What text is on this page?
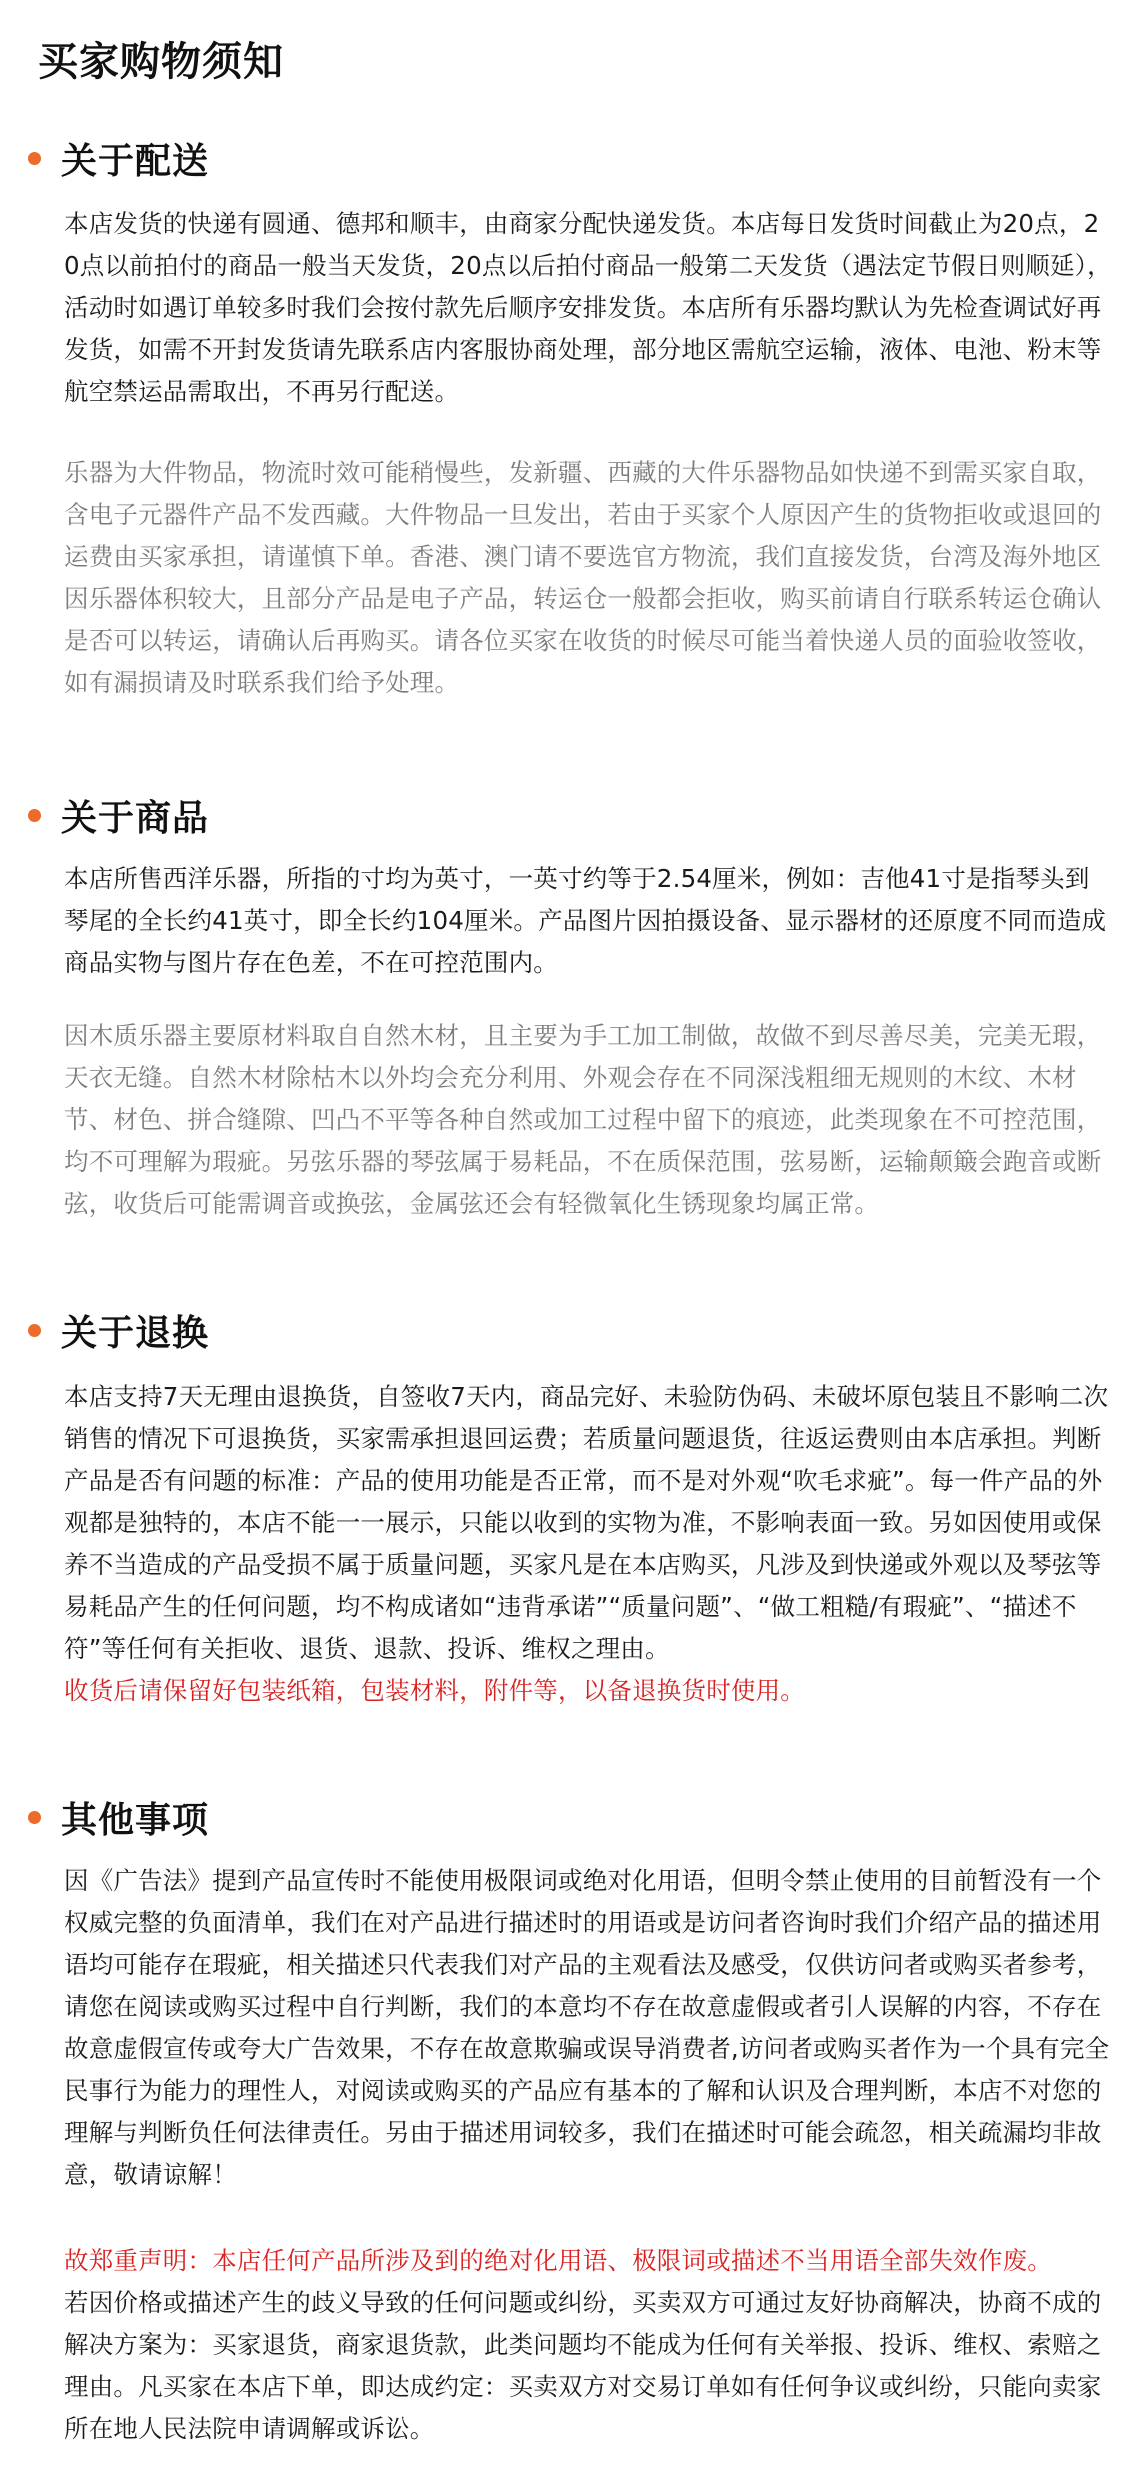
买家购物须知
关于配送

本店发货的快递有圆通、德邦和顺丰，由商家分配快递发货。本店每日发货时间截止为20点，20点以前拍付的商品一般当天发货，20点以后拍付商品一般第二天发货（遇法定节假日则顺延），活动时如遇订单较多时我们会按付款先后顺序安排发货。本店所有乐器均默认为先检查调试好再发货，如需不开封发货请先联系店内客服协商处理，部分地区需航空运输，液体、电池、粉末等航空禁运品需取出，不再另行配送。

乐器为大件物品，物流时效可能稍慢些，发新疆、西藏的大件乐器物品如快递不到需买家自取，含电子元器件产品不发西藏。大件物品一旦发出，若由于买家个人原因产生的货物拒收或退回的运费由买家承担，请谨慎下单。香港、澳门请不要选官方物流，我们直接发货，台湾及海外地区因乐器体积较大，且部分产品是电子产品，转运仓一般都会拒收，购买前请自行联系转运仓确认是否可以转运，请确认后再购买。请各位买家在收货的时候尽可能当着快递人员的面验收签收，如有漏损请及时联系我们给予处理。

关于商品

本店所售西洋乐器，所指的寸均为英寸，一英寸约等于2.54厘米，例如：吉他41寸是指琴头到琴尾的全长约41英寸，即全长约104厘米。产品图片因拍摄设备、显示器材的还原度不同而造成商品实物与图片存在色差，不在可控范围内。

因木质乐器主要原材料取自自然木材，且主要为手工加工制做，故做不到尽善尽美，完美无瑕，天衣无缝。自然木材除枯木以外均会充分利用、外观会存在不同深浅粗细无规则的木纹、木材节、材色、拼合缝隙、凹凸不平等各种自然或加工过程中留下的痕迹，此类现象在不可控范围，均不可理解为瑕疵。另弦乐器的琴弦属于易耗品，不在质保范围，弦易断，运输颠簸会跑音或断弦，收货后可能需调音或换弦，金属弦还会有轻微氧化生锈现象均属正常。

关于退换

本店支持7天无理由退换货，自签收7天内，商品完好、未验防伪码、未破坏原包装且不影响二次销售的情况下可退换货，买家需承担退回运费；若质量问题退货，往返运费则由本店承担。判断产品是否有问题的标准：产品的使用功能是否正常，而不是对外观“吹毛求疵”。每一件产品的外观都是独特的，本店不能一一展示，只能以收到的实物为准，不影响表面一致。另如因使用或保养不当造成的产品受损不属于质量问题，买家凡是在本店购买，凡涉及到快递或外观以及琴弦等易耗品产生的任何问题，均不构成诸如“违背承诺”“质量问题”、“做工粗糙/有瑕疵”、“描述不符”等任何有关拒收、退货、退款、投诉、维权之理由。

收货后请保留好包装纸箱，包装材料，附件等，以备退换货时使用。

其他事项

因《广告法》提到产品宣传时不能使用极限词或绝对化用语，但明令禁止使用的目前暂没有一个权威完整的负面清单，我们在对产品进行描述时的用语或是访问者咨询时我们介绍产品的描述用语均可能存在瑕疵，相关描述只代表我们对产品的主观看法及感受，仅供访问者或购买者参考，请您在阅读或购买过程中自行判断，我们的本意均不存在故意虚假或者引人误解的内容，不存在故意虚假宣传或夸大广告效果，不存在故意欺骗或误导消费者,访问者或购买者作为一个具有完全民事行为能力的理性人，对阅读或购买的产品应有基本的了解和认识及合理判断，本店不对您的理解与判断负任何法律责任。另由于描述用词较多，我们在描述时可能会疏忽，相关疏漏均非故意，敬请谅解！

故郑重声明：本店任何产品所涉及到的绝对化用语、极限词或描述不当用语全部失效作废。

若因价格或描述产生的歧义导致的任何问题或纠纷，买卖双方可通过友好协商解决，协商不成的解决方案为：买家退货，商家退货款，此类问题均不能成为任何有关举报、投诉、维权、索赔之理由。凡买家在本店下单，即达成约定：买卖双方对交易订单如有任何争议或纠纷，只能向卖家所在地人民法院申请调解或诉讼。
